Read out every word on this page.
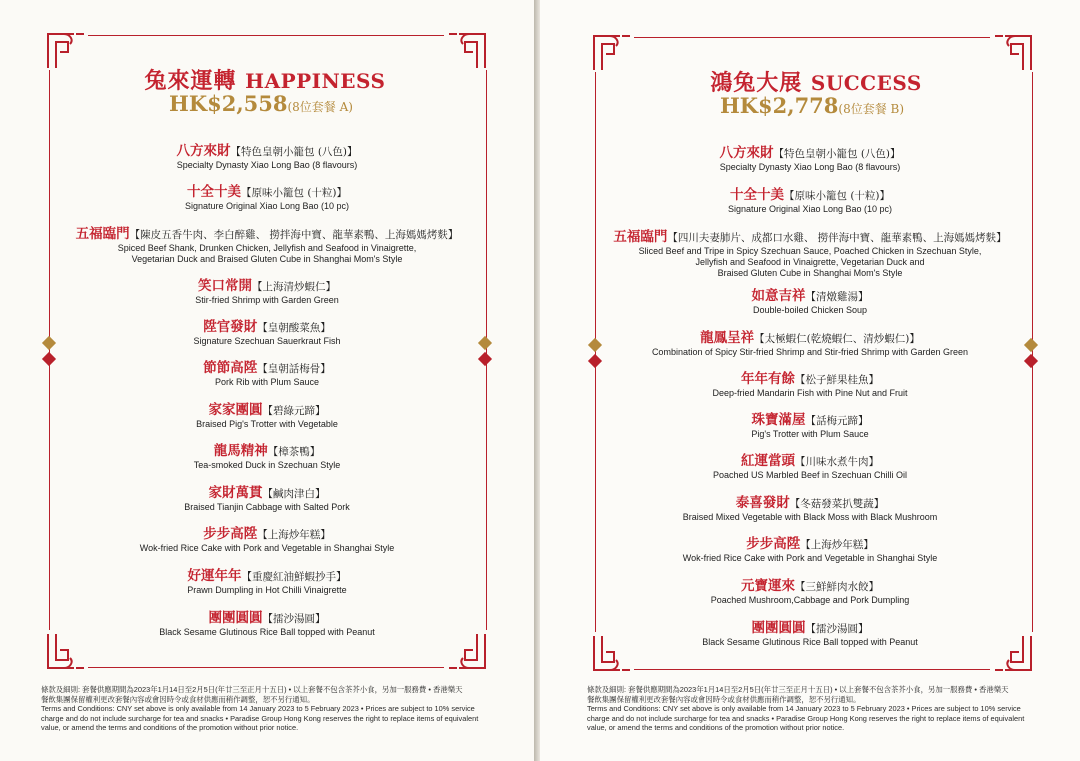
兔來運轉 HAPPINESS
HK$2,558(8位套餐 A)
八方來財【特色皇朝小籠包 (八色)】
Specialty Dynasty Xiao Long Bao (8 flavours)
十全十美【原味小籠包 (十粒)】
Signature Original Xiao Long Bao (10 pc)
五福臨門【陳皮五香牛肉、李白醉雞、 撈拌海中寶、龍華素鴨、上海媽媽烤麩】
Spiced Beef Shank, Drunken Chicken, Jellyfish and Seafood in Vinaigrette,
Vegetarian Duck and Braised Gluten Cube in Shanghai Mom's Style
笑口常開【上海清炒蝦仁】
Stir-fried Shrimp with Garden Green
陞官發財【皇朝酸菜魚】
Signature Szechuan Sauerkraut Fish
節節高陞【皇朝話梅骨】
Pork Rib with Plum Sauce
家家團圓【碧綠元蹄】
Braised Pig's Trotter with Vegetable
龍馬精神【樟茶鴨】
Tea-smoked Duck in Szechuan Style
家財萬貫【鹹肉津白】
Braised Tianjin Cabbage with Salted Pork
步步高陞【上海炒年糕】
Wok-fried Rice Cake with Pork and Vegetable in Shanghai Style
好運年年【重慶紅油鮮蝦抄手】
Prawn Dumpling in Hot Chilli Vinaigrette
團團圓圓【擂沙湯圓】
Black Sesame Glutinous Rice Ball topped with Peanut
條款及細則: 套餐供應期間為2023年1月14日至2月5日(年廿三至正月十五日) • 以上套餐不包含茶芥小食，另加一服務費 • 香港樂天
餐飲集團保留權利更改套餐內容或會因時令或食材供應而稍作調整，恕不另行通知。
Terms and Conditions: CNY set above is only available from 14 January 2023 to 5 February 2023 • Prices are subject to 10% service
charge and do not include surcharge for tea and snacks • Paradise Group Hong Kong reserves the right to replace items of equivalent
value, or amend the terms and conditions of the promotion without prior notice.
鴻兔大展 SUCCESS
HK$2,778(8位套餐 B)
八方來財【特色皇朝小籠包 (八色)】
Specialty Dynasty Xiao Long Bao (8 flavours)
十全十美【原味小籠包 (十粒)】
Signature Original Xiao Long Bao (10 pc)
五福臨門【四川夫妻肺片、成都口水雞、 撈伴海中寶、龍華素鴨、上海媽媽烤麩】
Sliced Beef and Tripe in Spicy Szechuan Sauce, Poached Chicken in Szechuan Style,
Jellyfish and Seafood in Vinaigrette, Vegetarian Duck and
Braised Gluten Cube in Shanghai Mom's Style
如意吉祥【清燉雞湯】
Double-boiled Chicken Soup
龍鳳呈祥【太極蝦仁(乾燒蝦仁、清炒蝦仁)】
Combination of Spicy Stir-fried Shrimp and Stir-fried Shrimp with Garden Green
年年有餘【松子鮮果桂魚】
Deep-fried Mandarin Fish with Pine Nut and Fruit
珠寶滿屋【話梅元蹄】
Pig's Trotter with Plum Sauce
紅運當頭【川味水煮牛肉】
Poached US Marbled Beef in Szechuan Chilli Oil
泰喜發財【冬菇發菜扒雙蔬】
Braised Mixed Vegetable with Black Moss with Black Mushroom
步步高陞【上海炒年糕】
Wok-fried Rice Cake with Pork and Vegetable in Shanghai Style
元寶運來【三鮮鮮肉水餃】
Poached Mushroom,Cabbage and Pork Dumpling
團團圓圓【擂沙湯圓】
Black Sesame Glutinous Rice Ball topped with Peanut
條款及細則: 套餐供應期間為2023年1月14日至2月5日(年廿三至正月十五日) • 以上套餐不包含茶芥小食，另加一服務費 • 香港樂天
餐飲集團保留權利更改套餐內容或會因時令或食材供應而稍作調整，恕不另行通知。
Terms and Conditions: CNY set above is only available from 14 January 2023 to 5 February 2023 • Prices are subject to 10% service
charge and do not include surcharge for tea and snacks • Paradise Group Hong Kong reserves the right to replace items of equivalent
value, or amend the terms and conditions of the promotion without prior notice.
